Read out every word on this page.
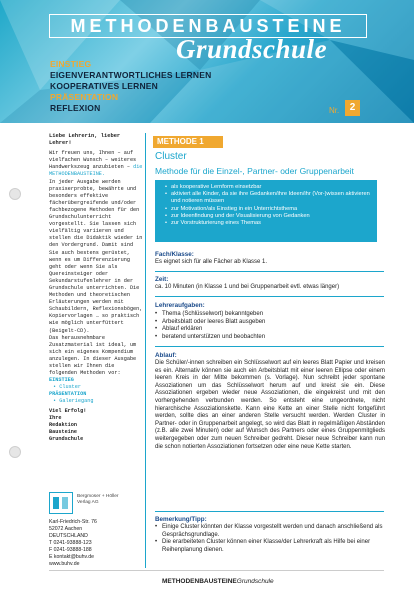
METHODENBAUSTEINE
Grundschule
EINSTIEG
EIGENVERANTWORTLICHES LERNEN
KOOPERATIVES LERNEN
PRÄSENTATION
REFLEXION	Nr.	2
Liebe Lehrerin, lieber Lehrer!

Wir freuen uns, Ihnen – auf vielfachen Wunsch – weiteres Handwerkszeug anzubieten – die METHODENBAUSTEINE.

In jeder Ausgabe werden praxiserprobte, bewährte und besonders effektive fächerübergreifende und/oder fachbezogene Methoden für den Grundschulunterricht vorgestellt. Sie lassen sich vielfältig variieren und stellen die Didaktik wieder in den Vordergrund. Damit sind Sie auch bestens gerüstet, wenn es um Differenzierung geht oder wenn Sie als Quereinsteiger oder Sekundarstufenlehrer in der Grundschule unterrichten. Die Methoden und theoretischen Erläuterungen werden mit Schaubildern, Reflexionsbögen, Kopiervorlagen … so praktisch wie möglich unterfüttert (Beigelt-CD).

Das herausnehmbare Zusatzmaterial ist ideal, um sich ein eigenes Kompendium anzulegen. In dieser Ausgabe stellen wir Ihnen die folgenden Methoden vor:

EINSTIEG

• Cluster

PRÄSENTATION

• Galeriegang

Viel Erfolg!

Ihre

Redaktion

Bausteine

Grundschule

Bergmoser + Höller
Verlag AG
Karl-Friedrich-Str. 76
52072 Aachen
DEUTSCHLAND
T 0241-93888-123
F 0241-93888-188
E kontakt@buhv.de
www.buhv.de
METHODE 1
Cluster
Methode für die Einzel-, Partner- oder Gruppenarbeit
• als kooperative Lernform einsetzbar
• aktiviert alle Kinder, da sie ihre Gedanken/ihre Ideen/ihr (Vor-)wissen aktivieren und notieren müssen
• zur Motivation/als Einstieg in ein Unterrichtsthema
• zur Ideenfindung und der Visualisierung von Gedanken
• zur Vorstrukturierung eines Themas
Fach/Klasse:
Es eignet sich für alle Fächer ab Klasse 1.
Zeit:
ca. 10 Minuten (in Klasse 1 und bei Gruppenarbeit evtl. etwas länger)
Lehreraufgaben:
• Thema (Schlüsselwort) bekanntgeben
• Arbeitsblatt oder leeres Blatt ausgeben
• Ablauf erklären
• beratend unterstützen und beobachten
Ablauf:
Die Schüler/-innen schreiben ein Schlüsselwort auf ein leeres Blatt Papier und kreisen es ein. Alternativ können sie auch ein Arbeitsblatt mit einer leeren Ellipse oder einem leeren Kreis in der Mitte bekommen (s. Vorlage). Nun schreibt jeder spontane Assoziationen um das Schlüsselwort herum auf und kreist sie ein. Diese Assoziationen ergeben wieder neue Assoziationen, die eingekreist und mit den vorhergehenden verbunden werden. So entsteht eine ungeordnete, nicht hierarchische Assoziationskette. Kann eine Kette an einer Stelle nicht fortgeführt werden, sollte dies an einer anderen Stelle versucht werden. Werden Cluster in Partner- oder in Gruppenarbeit angelegt, so wird das Blatt in regelmäßigen Abständen (z.B. alle zwei Minuten) oder auf Wunsch des Partners oder eines Gruppenmitglieds weitergegeben oder zum neuen Schreiber gedreht. Dieser neue Schreiber kann nun die schon notierten Assoziationen fortsetzen oder eine neue Kette starten.
Bemerkung/Tipp:
• Einige Cluster könnten der Klasse vorgestellt werden und danach anschließend als Gesprächsgrundlage.
• Die erarbeiteten Cluster können einer Klasse/der Lehrerkraft als Hilfe bei einer Reihenplanung dienen.
METHODENBAUSTEINEGrundschule
